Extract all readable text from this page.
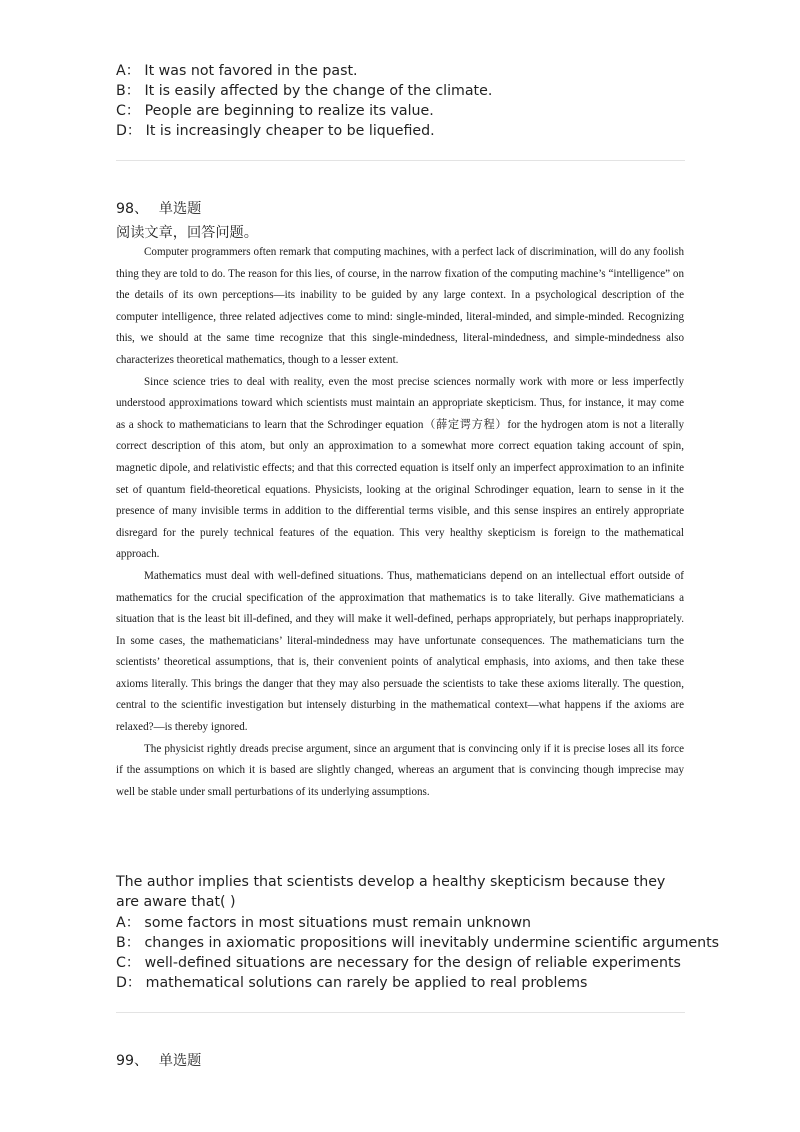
A： It was not favored in the past.
B： It is easily affected by the change of the climate.
C： People are beginning to realize its value.
D： It is increasingly cheaper to be liquefied.
98、 单选题
阅读文章，回答问题。

Computer programmers often remark that computing machines, with a perfect lack of discrimination, will do any foolish thing they are told to do. The reason for this lies, of course, in the narrow fixation of the computing machine’s “intelligence” on the details of its own perceptions—its inability to be guided by any large context. In a psychological description of the computer intelligence, three related adjectives come to mind: single-minded, literal-minded, and simple-minded. Recognizing this, we should at the same time recognize that this single-mindedness, literal-mindedness, and simple-mindedness also characterizes theoretical mathematics, though to a lesser extent.

Since science tries to deal with reality, even the most precise sciences normally work with more or less imperfectly understood approximations toward which scientists must maintain an appropriate skepticism. Thus, for instance, it may come as a shock to mathematicians to learn that the Schrodinger equation（薛定谔方程）for the hydrogen atom is not a literally correct description of this atom, but only an approximation to a somewhat more correct equation taking account of spin, magnetic dipole, and relativistic effects; and that this corrected equation is itself only an imperfect approximation to an infinite set of quantum field-theoretical equations. Physicists, looking at the original Schrodinger equation, learn to sense in it the presence of many invisible terms in addition to the differential terms visible, and this sense inspires an entirely appropriate disregard for the purely technical features of the equation. This very healthy skepticism is foreign to the mathematical approach.

Mathematics must deal with well-defined situations. Thus, mathematicians depend on an intellectual effort outside of mathematics for the crucial specification of the approximation that mathematics is to take literally. Give mathematicians a situation that is the least bit ill-defined, and they will make it well-defined, perhaps appropriately, but perhaps inappropriately. In some cases, the mathematicians’ literal-mindedness may have unfortunate consequences. The mathematicians turn the scientists’ theoretical assumptions, that is, their convenient points of analytical emphasis, into axioms, and then take these axioms literally. This brings the danger that they may also persuade the scientists to take these axioms literally. The question, central to the scientific investigation but intensely disturbing in the mathematical context—what happens if the axioms are relaxed?—is thereby ignored.

The physicist rightly dreads precise argument, since an argument that is convincing only if it is precise loses all its force if the assumptions on which it is based are slightly changed, whereas an argument that is convincing though imprecise may well be stable under small perturbations of its underlying assumptions.

The author implies that scientists develop a healthy skepticism because they are aware that( )
A： some factors in most situations must remain unknown
B： changes in axiomatic propositions will inevitably undermine scientific arguments
C： well-defined situations are necessary for the design of reliable experiments
D： mathematical solutions can rarely be applied to real problems
99、 单选题
